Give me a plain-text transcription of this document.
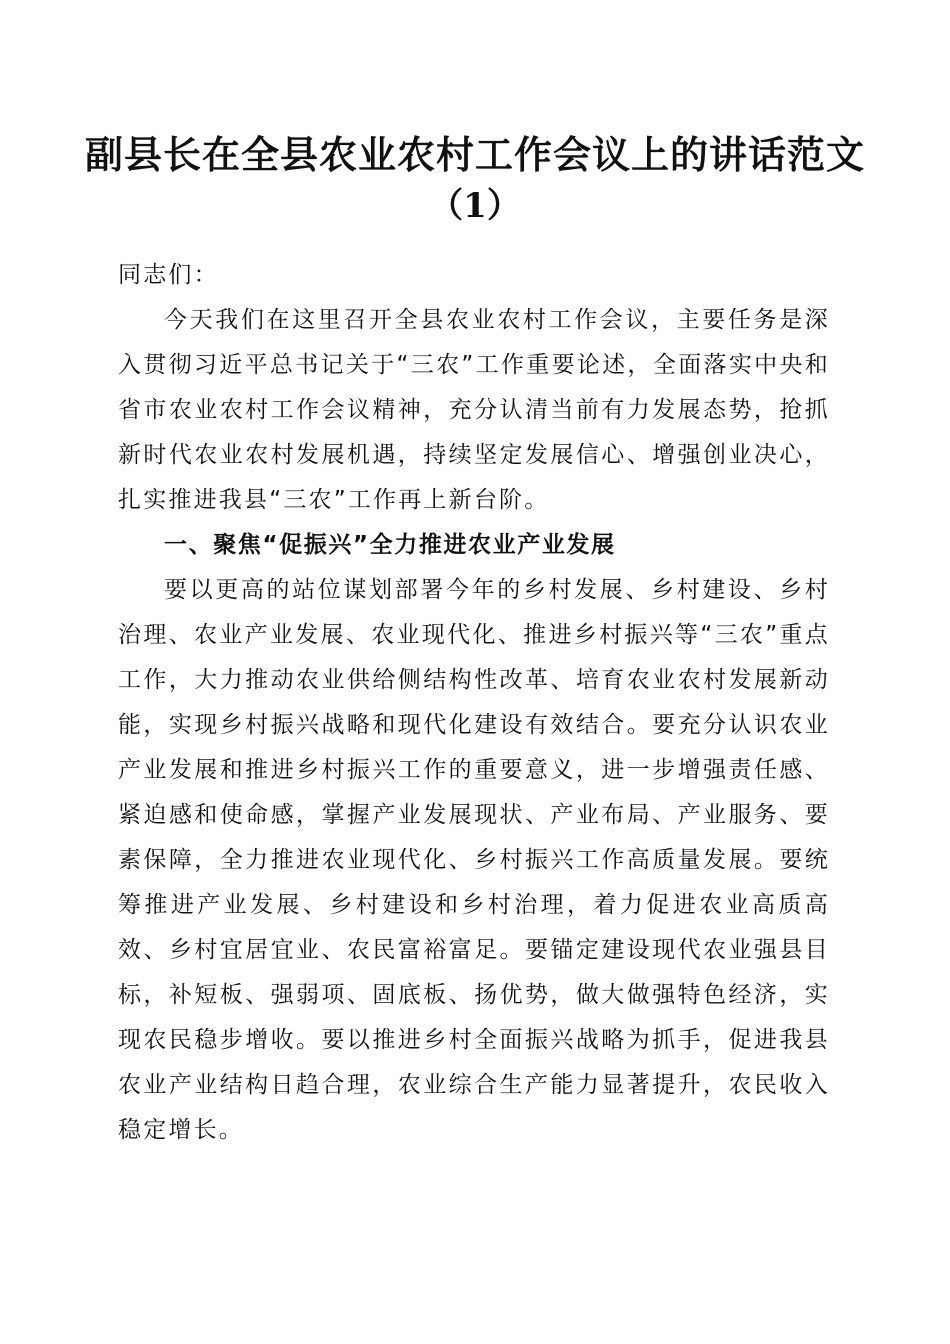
副县长在全县农业农村工作会议上的讲话范文
（1）

同志们：

今天我们在这里召开全县农业农村工作会议，主要任务是深入贯彻习近平总书记关于“三农”工作重要论述，全面落实中央和省市农业农村工作会议精神，充分认清当前有力发展态势，抢抓新时代农业农村发展机遇，持续坚定发展信心、增强创业决心，扎实推进我县“三农”工作再上新台阶。

一、聚焦“促振兴”全力推进农业产业发展

要以更高的站位谋划部署今年的乡村发展、乡村建设、乡村治理、农业产业发展、农业现代化、推进乡村振兴等“三农”重点工作，大力推动农业供给侧结构性改革、培育农业农村发展新动能，实现乡村振兴战略和现代化建设有效结合。要充分认识农业产业发展和推进乡村振兴工作的重要意义，进一步增强责任感、紧迫感和使命感，掌握产业发展现状、产业布局、产业服务、要素保障，全力推进农业现代化、乡村振兴工作高质量发展。要统筹推进产业发展、乡村建设和乡村治理，着力促进农业高质高效、乡村宜居宜业、农民富裕富足。要锚定建设现代农业强县目标，补短板、强弱项、固底板、扬优势，做大做强特色经济，实现农民稳步增收。要以推进乡村全面振兴战略为抓手，促进我县农业产业结构日趋合理，农业综合生产能力显著提升，农民收入稳定增长。
